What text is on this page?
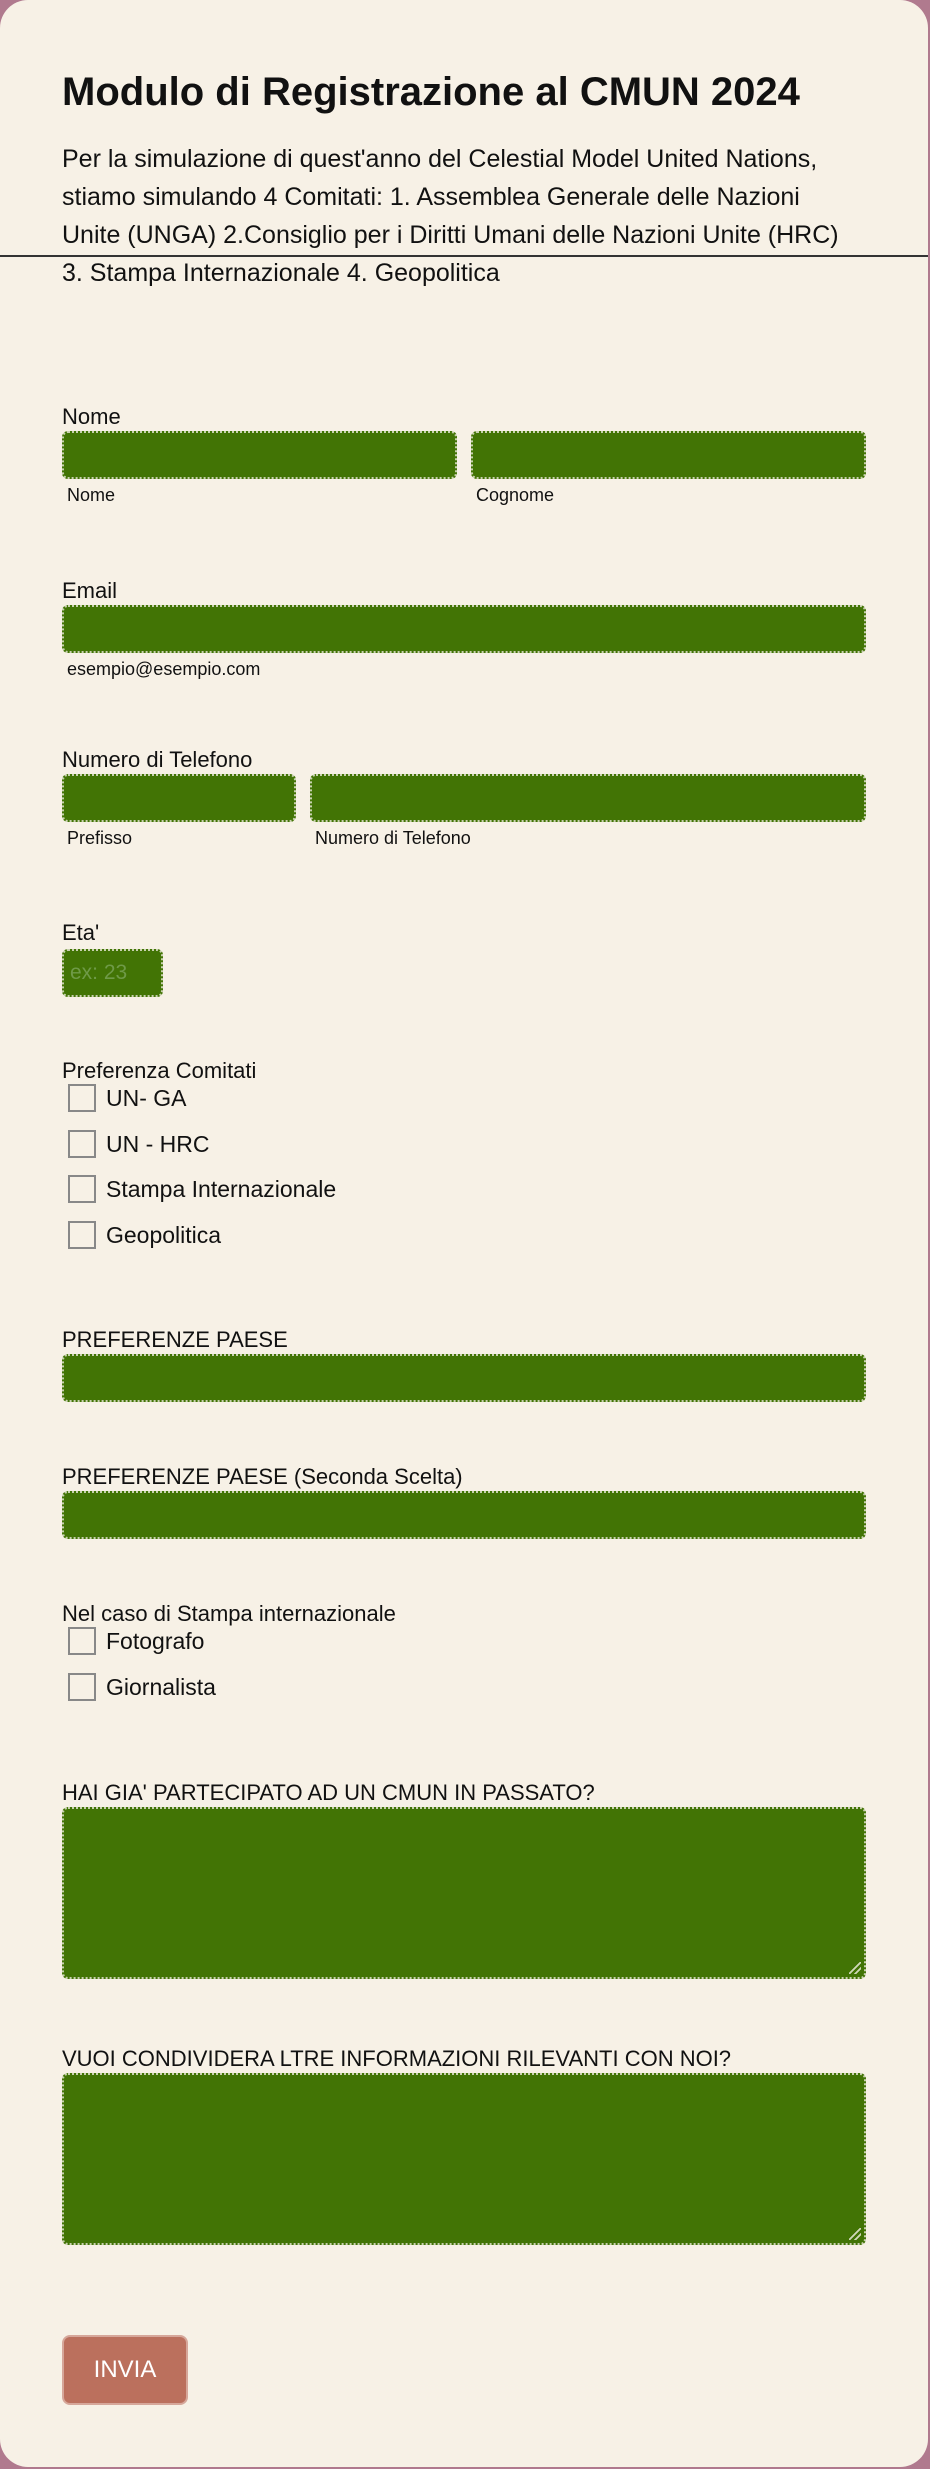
Modulo di Registrazione al CMUN 2024

Per la simulazione di quest'anno del Celestial Model United Nations, stiamo simulando 4 Comitati: 1. Assemblea Generale delle Nazioni Unite (UNGA) 2.Consiglio per i Diritti Umani delle Nazioni Unite (HRC) 3. Stampa Internazionale 4. Geopolitica

Nome
Nome	Cognome
Email
esempio@esempio.com
Numero di Telefono
Prefisso	Numero di Telefono
Eta'
ex: 23
Preferenza Comitati
UN- GA
UN - HRC
Stampa Internazionale
Geopolitica
PREFERENZE PAESE
PREFERENZE PAESE (Seconda Scelta)
Nel caso di Stampa internazionale
Fotografo
Giornalista
HAI GIA' PARTECIPATO AD UN CMUN IN PASSATO?
VUOI CONDIVIDERA LTRE INFORMAZIONI RILEVANTI CON NOI?
INVIA
